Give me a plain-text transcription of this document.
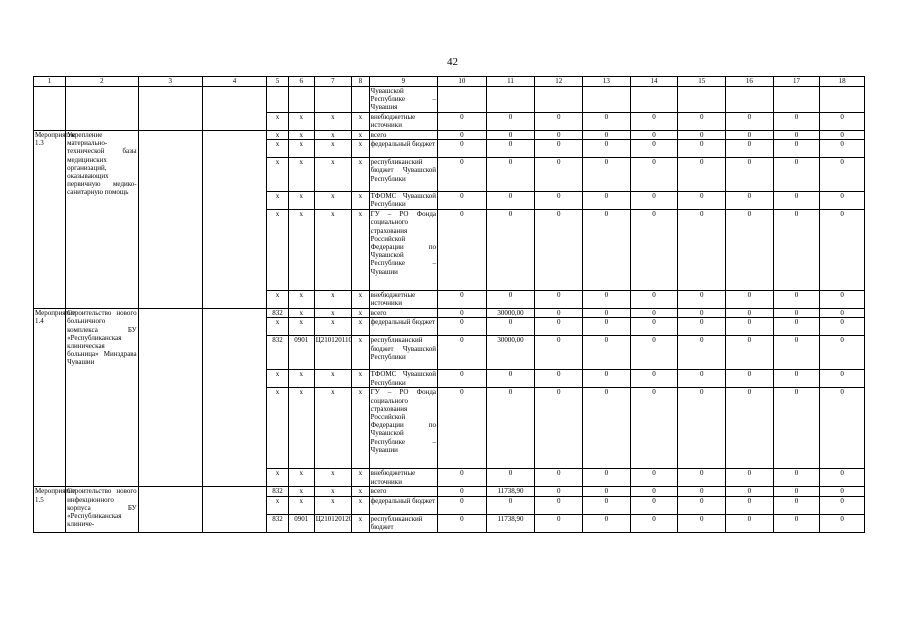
42
1	2	3	4	5	6	7	8	9	10	11	12	13	14	15	16	17	18
								Чувашской Республике – Чувашия									
				х	х	х	х	внебюджетные источники	0	0	0	0	0	0	0	0	0
Мероприятие 1.3	Укрепление материально-технической базы медицинских организаций, оказывающих первичную медико-санитарную помощь			х	х	х	х	всего	0	0	0	0	0	0	0	0	0
				х	х	х	х	федеральный бюджет	0	0	0	0	0	0	0	0	0
				х	х	х	х	республиканский бюджет Чувашской Республики	0	0	0	0	0	0	0	0	0
				х	х	х	х	ТФОМС Чувашской Республики	0	0	0	0	0	0	0	0	0
				х	х	х	х	ГУ – РО Фонда социального страхования Российской Федерации по Чувашской Республике – Чувашии	0	0	0	0	0	0	0	0	0
				х	х	х	х	внебюджетные источники	0	0	0	0	0	0	0	0	0
Мероприятие 1.4	Строительство нового больничного комплекса БУ «Республиканская клиническая больница» Минздрава Чувашии			832	х	х	х	всего	0	30000,00	0	0	0	0	0	0	0
				х	х	х	х	федеральный бюджет	0	0	0	0	0	0	0	0	0
				832	0901	Ц210120110	х	республиканский бюджет Чувашской Республики	0	30000,00	0	0	0	0	0	0	0
				х	х	х	х	ТФОМС Чувашской Республики	0	0	0	0	0	0	0	0	0
				х	х	х	х	ГУ – РО Фонда социального страхования Российской Федерации по Чувашской Республике – Чувашии	0	0	0	0	0	0	0	0	0
				х	х	х	х	внебюджетные источники	0	0	0	0	0	0	0	0	0
Мероприятие 1.5	Строительство нового инфекционного корпуса БУ «Республиканская клиниче-			832	х	х	х	всего	0	11738,90	0	0	0	0	0	0	0
				х	х	х	х	федеральный бюджет	0	0	0	0	0	0	0	0	0
				832	0901	Ц210120120	х	республиканский бюджет	0	11738,90	0	0	0	0	0	0	0
